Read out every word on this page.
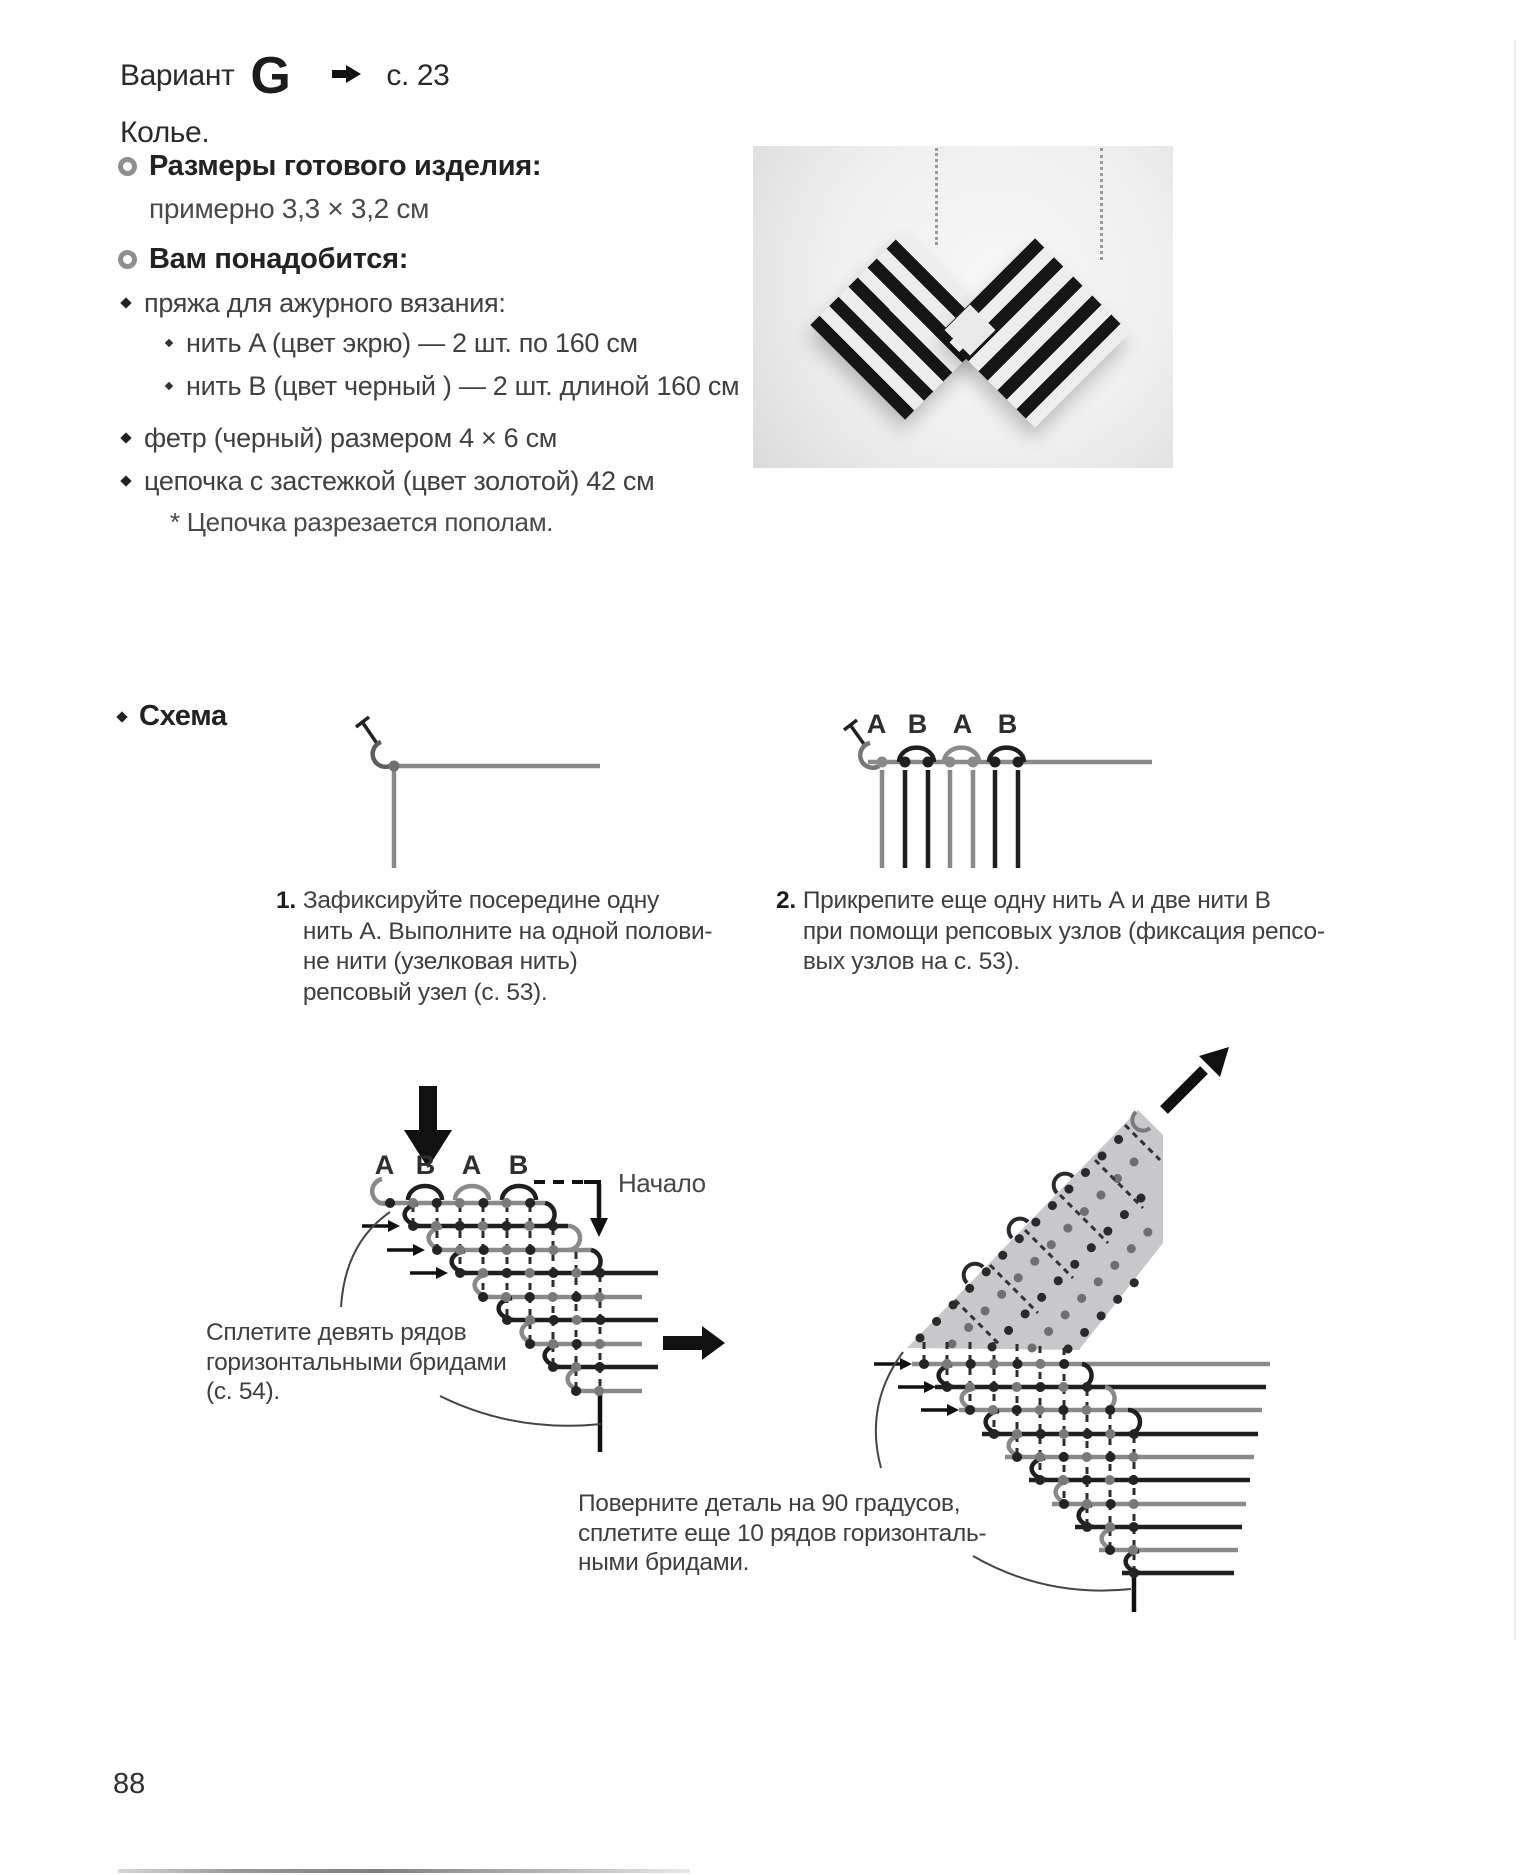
Вариант G	с. 23
Колье.
Размеры готового изделия:

примерно 3,3 × 3,2 см

Вам понадобится:
пряжа для ажурного вязания:
нить A (цвет экрю) — 2 шт. по 160 см
нить B (цвет черный ) — 2 шт. длиной 160 см
фетр (черный) размером 4 × 6 см
цепочка с застежкой (цвет золотой) 42 см

* Цепочка разрезается пополам.

Схема	A B A B
A B A B
Начало
1. Зафиксируйте посередине одну
нить А. Выполните на одной полови-
не нити (узелковая нить)
репсовый узел (с. 53).
2. Прикрепите еще одну нить А и две нити В
при помощи репсовых узлов (фиксация репсо-
вых узлов на с. 53).
Сплетите девять рядов
горизонтальными бридами
(с. 54).
Поверните деталь на 90 градусов,
сплетите еще 10 рядов горизонталь-
ными бридами.
88
